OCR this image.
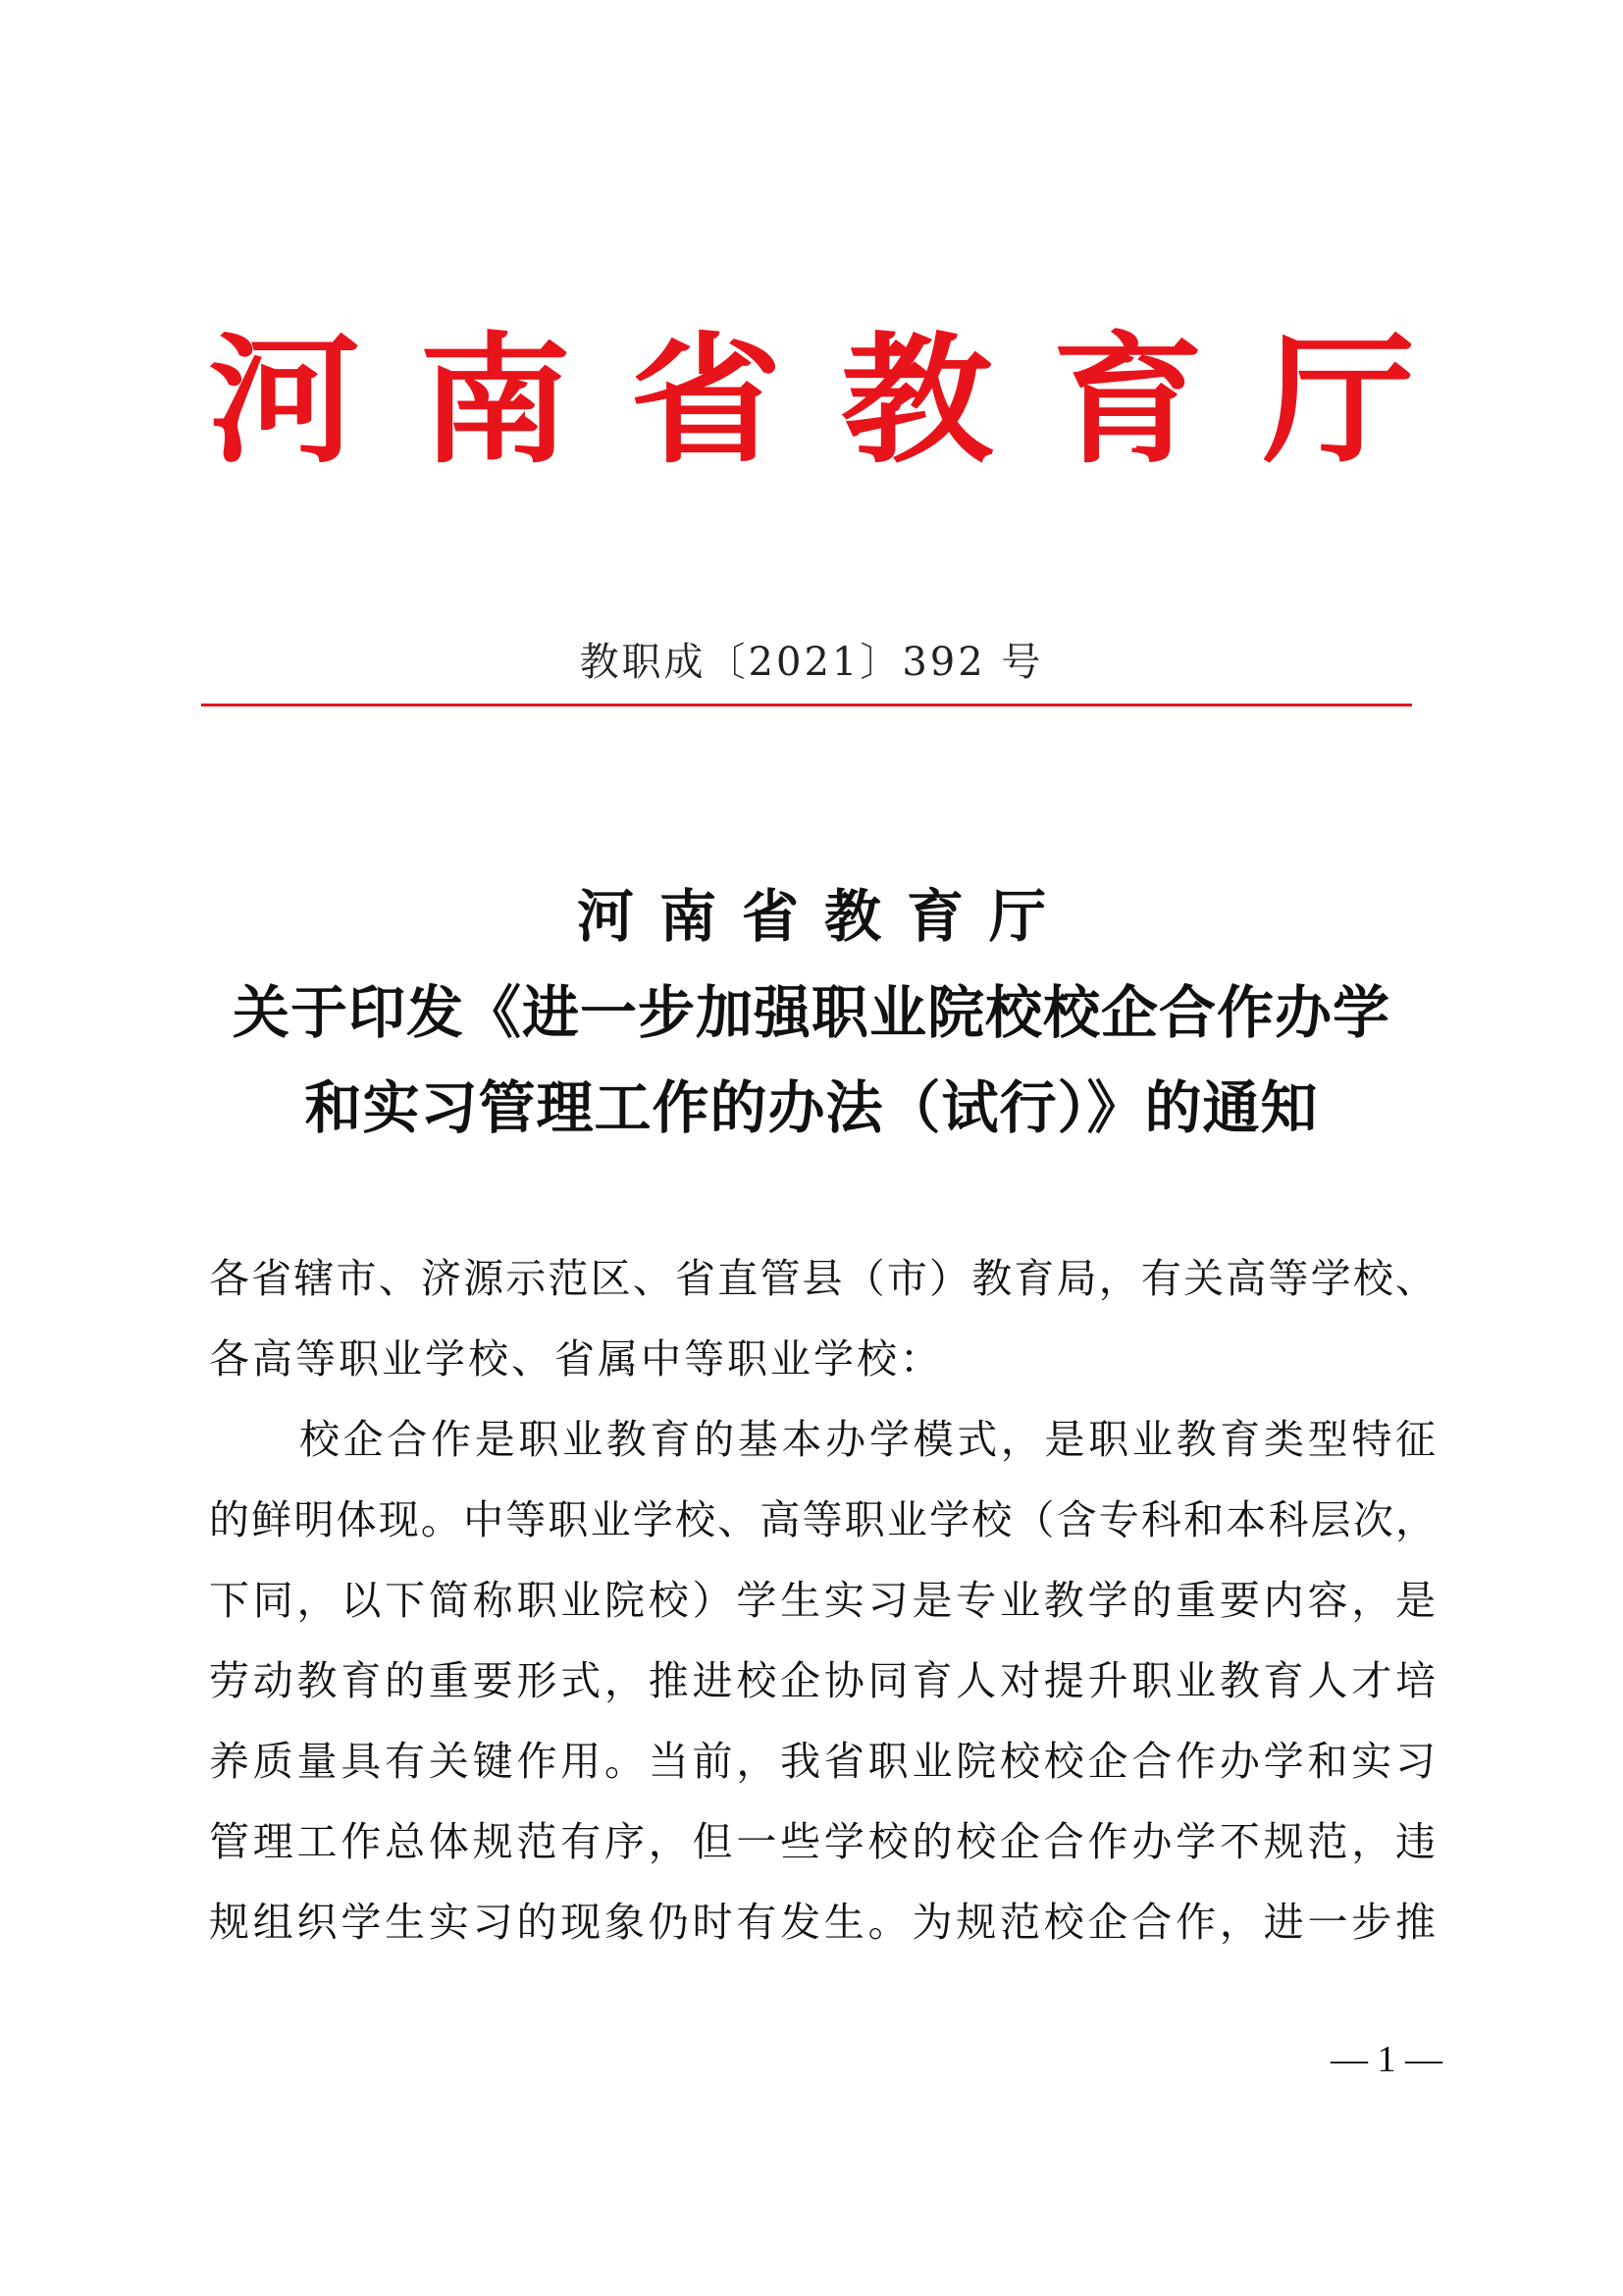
河南省教育厅
教职成〔2021〕392 号
河南省教育厅
关于印发《进一步加强职业院校校企合作办学
和实习管理工作的办法（试行）》的通知
各省辖市、济源示范区、省直管县（市）教育局，有关高等学校、
各高等职业学校、省属中等职业学校：
校企合作是职业教育的基本办学模式，是职业教育类型特征
的鲜明体现。中等职业学校、高等职业学校（含专科和本科层次，
下同，以下简称职业院校）学生实习是专业教学的重要内容，是
劳动教育的重要形式，推进校企协同育人对提升职业教育人才培
养质量具有关键作用。当前，我省职业院校校企合作办学和实习
管理工作总体规范有序，但一些学校的校企合作办学不规范，违
规组织学生实习的现象仍时有发生。为规范校企合作，进一步推
— 1 —
